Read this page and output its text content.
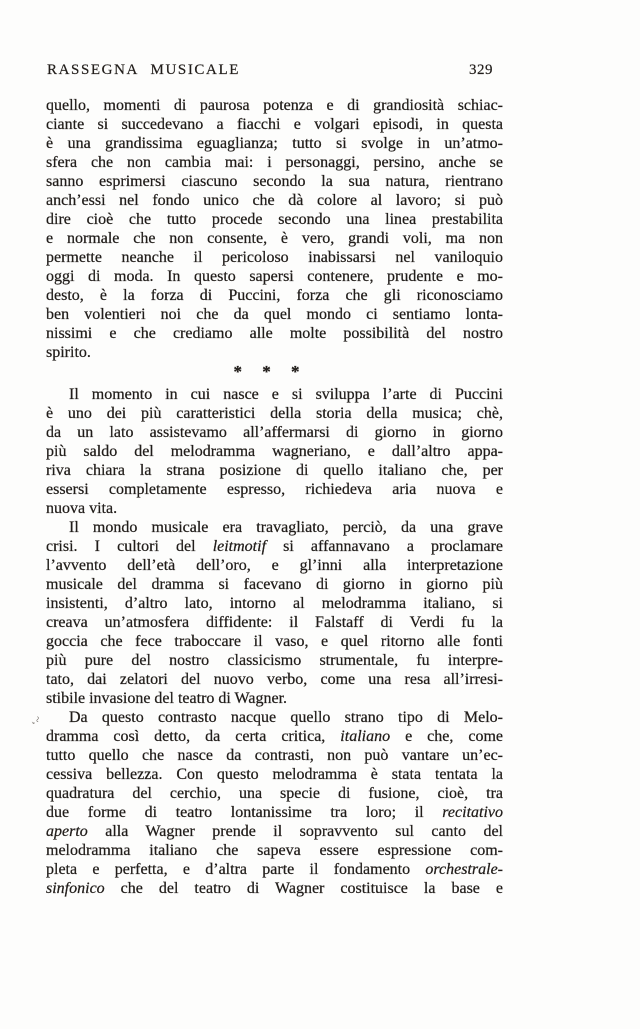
RASSEGNA MUSICALE	329
~,
quello, momenti di paurosa potenza e di grandiosità schiac-
ciante si succedevano a fiacchi e volgari episodi, in questa
è una grandissima eguaglianza; tutto si svolge in un’atmo-
sfera che non cambia mai: i personaggi, persino, anche se
sanno esprimersi ciascuno secondo la sua natura, rientrano
anch’essi nel fondo unico che dà colore al lavoro; si può
dire cioè che tutto procede secondo una linea prestabilita
e normale che non consente, è vero, grandi voli, ma non
permette neanche il pericoloso inabissarsi nel vaniloquio
oggi di moda. In questo sapersi contenere, prudente e mo-
desto, è la forza di Puccini, forza che gli riconosciamo
ben volentieri noi che da quel mondo ci sentiamo lonta-
nissimi e che crediamo alle molte possibilità del nostro
spirito.
* * *
Il momento in cui nasce e si sviluppa l’arte di Puccini
è uno dei più caratteristici della storia della musica; chè,
da un lato assistevamo all’affermarsi di giorno in giorno
più saldo del melodramma wagneriano, e dall’altro appa-
riva chiara la strana posizione di quello italiano che, per
essersi completamente espresso, richiedeva aria nuova e
nuova vita.
Il mondo musicale era travagliato, perciò, da una grave
crisi. I cultori del leitmotif si affannavano a proclamare
l’avvento dell’età dell’oro, e gl’inni alla interpretazione
musicale del dramma si facevano di giorno in giorno più
insistenti, d’altro lato, intorno al melodramma italiano, si
creava un’atmosfera diffidente: il Falstaff di Verdi fu la
goccia che fece traboccare il vaso, e quel ritorno alle fonti
più pure del nostro classicismo strumentale, fu interpre-
tato, dai zelatori del nuovo verbo, come una resa all’irresi-
stibile invasione del teatro di Wagner.
Da questo contrasto nacque quello strano tipo di Melo-
dramma così detto, da certa critica, italiano e che, come
tutto quello che nasce da contrasti, non può vantare un’ec-
cessiva bellezza. Con questo melodramma è stata tentata la
quadratura del cerchio, una specie di fusione, cioè, tra
due forme di teatro lontanissime tra loro; il recitativo
aperto alla Wagner prende il sopravvento sul canto del
melodramma italiano che sapeva essere espressione com-
pleta e perfetta, e d’altra parte il fondamento orchestrale-
sinfonico che del teatro di Wagner costituisce la base e
